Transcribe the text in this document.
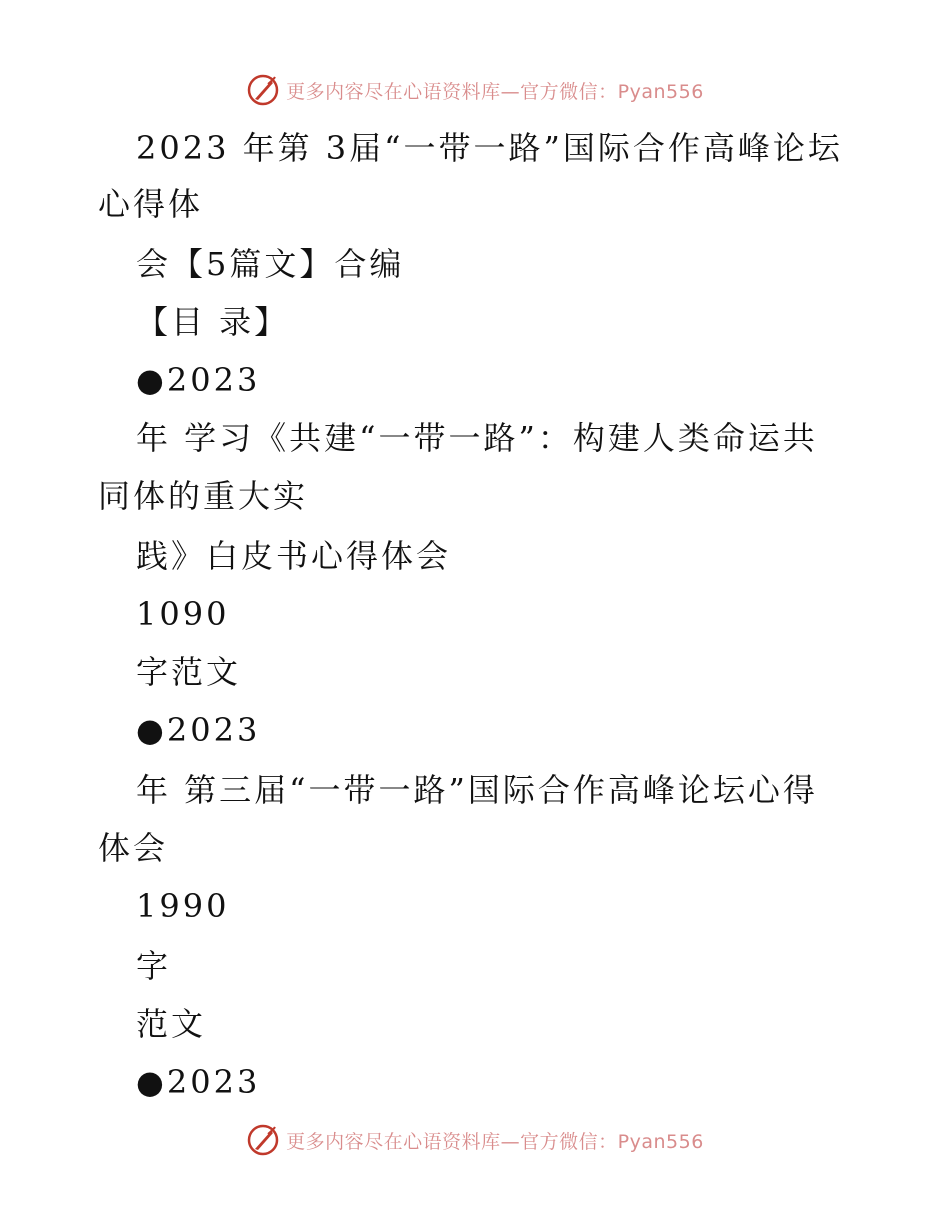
更多内容尽在心语资料库—官方微信：Pyan556
2023 年第 3届“一带一路”国际合作高峰论坛
心得体
会【5篇文】合编
【目 录】
●2023
年 学习《共建“一带一路”：构建人类命运共
同体的重大实
践》白皮书心得体会
1090
字范文
●2023
年 第三届“一带一路”国际合作高峰论坛心得
体会
1990
字
范文
●2023
更多内容尽在心语资料库—官方微信：Pyan556
